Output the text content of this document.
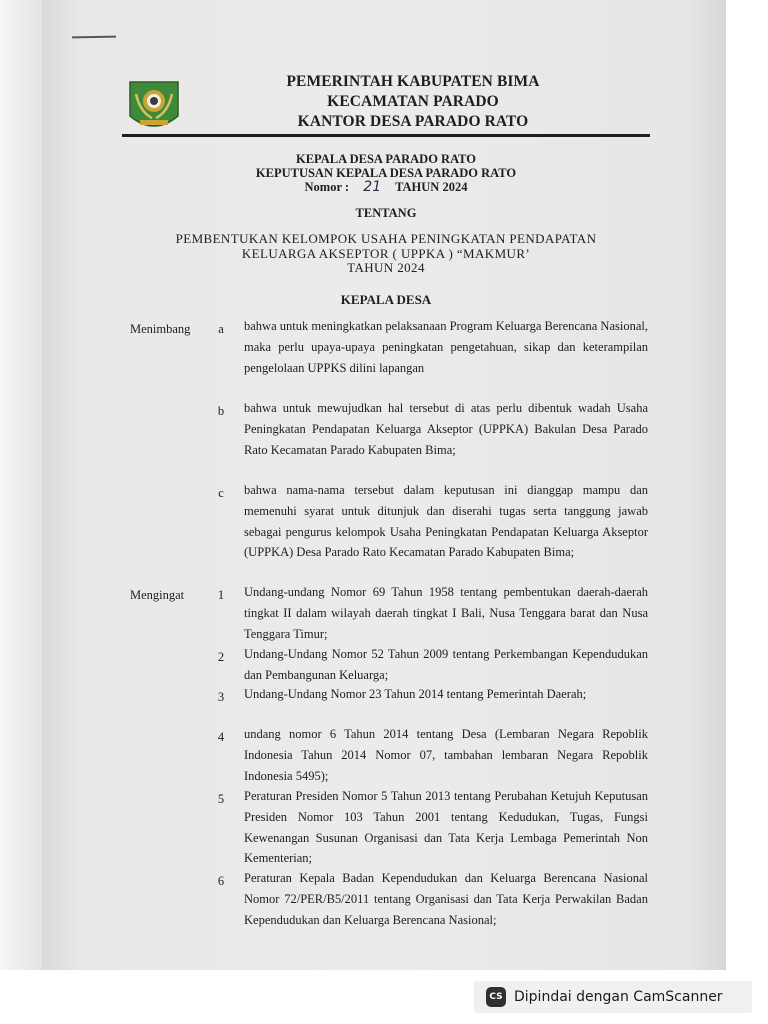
PEMERINTAH KABUPATEN BIMA
KECAMATAN PARADO
KANTOR DESA PARADO RATO
KEPALA DESA PARADO RATO
KEPUTUSAN KEPALA DESA PARADO RATO
Nomor : 21 TAHUN 2024
TENTANG
PEMBENTUKAN KELOMPOK USAHA PENINGKATAN PENDAPATAN
KELUARGA AKSEPTOR ( UPPKA ) “MAKMUR’
TAHUN 2024
KEPALA DESA
Menimbang	a	bahwa untuk meningkatkan pelaksanaan Program Keluarga Berencana Nasional, maka perlu upaya-upaya peningkatan pengetahuan, sikap dan keterampilan pengelolaan UPPKS dilini lapangan
b	bahwa untuk mewujudkan hal tersebut di atas perlu dibentuk wadah Usaha Peningkatan Pendapatan Keluarga Akseptor (UPPKA) Bakulan Desa Parado Rato Kecamatan Parado Kabupaten Bima;
c	bahwa nama-nama tersebut dalam keputusan ini dianggap mampu dan memenuhi syarat untuk ditunjuk dan diserahi tugas serta tanggung jawab sebagai pengurus kelompok Usaha Peningkatan Pendapatan Keluarga Akseptor (UPPKA) Desa Parado Rato Kecamatan Parado Kabupaten Bima;
Mengingat	1	Undang-undang Nomor 69 Tahun 1958 tentang pembentukan daerah-daerah tingkat II dalam wilayah daerah tingkat I Bali, Nusa Tenggara barat dan Nusa Tenggara Timur;
2	Undang-Undang Nomor 52 Tahun 2009 tentang Perkembangan Kependudukan dan Pembangunan Keluarga;
3	Undang-Undang Nomor 23 Tahun 2014 tentang Pemerintah Daerah;
4	undang nomor 6 Tahun 2014 tentang Desa (Lembaran Negara Repoblik Indonesia Tahun 2014 Nomor 07, tambahan lembaran Negara Repoblik Indonesia 5495);
5	Peraturan Presiden Nomor 5 Tahun 2013 tentang Perubahan Ketujuh Keputusan Presiden Nomor 103 Tahun 2001 tentang Kedudukan, Tugas, Fungsi Kewenangan Susunan Organisasi dan Tata Kerja Lembaga Pemerintah Non Kementerian;
6	Peraturan Kepala Badan Kependudukan dan Keluarga Berencana Nasional Nomor 72/PER/B5/2011 tentang Organisasi dan Tata Kerja Perwakilan Badan Kependudukan dan Keluarga Berencana Nasional;
CS Dipindai dengan CamScanner
